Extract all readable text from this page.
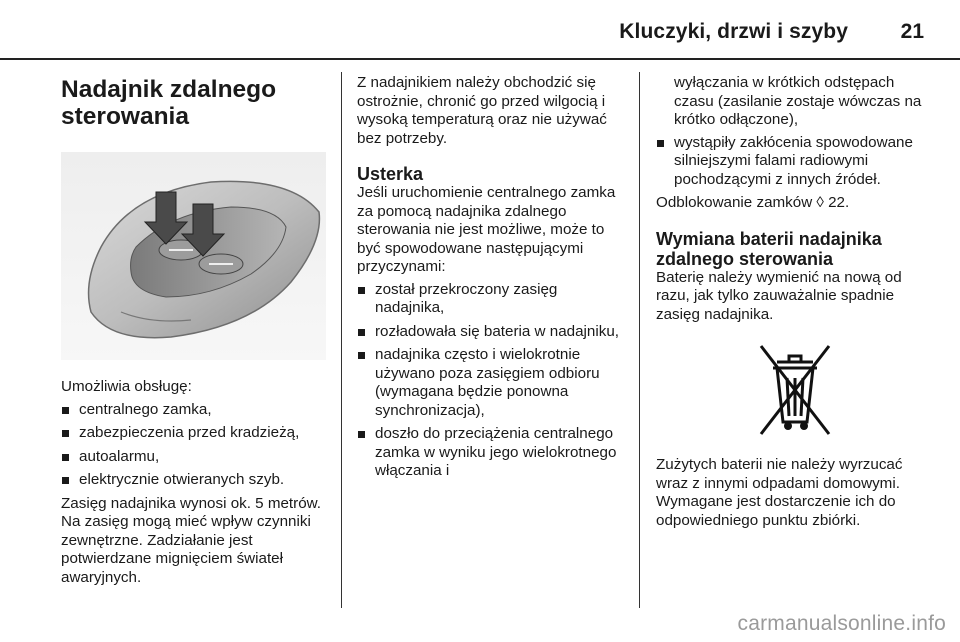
Kluczyki, drzwi i szyby	21
Nadajnik zdalnego sterowania

Umożliwia obsługę:

centralnego zamka,
zabezpieczenia przed kradzieżą,
autoalarmu,
elektrycznie otwieranych szyb.

Zasięg nadajnika wynosi ok. 5 metrów. Na zasięg mogą mieć wpływ czynniki zewnętrzne. Zadziałanie jest potwierdzane mignięciem świateł awaryjnych.

Z nadajnikiem należy obchodzić się ostrożnie, chronić go przed wilgocią i wysoką temperaturą oraz nie używać bez potrzeby.

Usterka

Jeśli uruchomienie centralnego zamka za pomocą nadajnika zdalnego sterowania nie jest możliwe, może to być spowodowane następującymi przyczynami:

został przekroczony zasięg nadajnika,
rozładowała się bateria w nadajniku,
nadajnika często i wielokrotnie używano poza zasięgiem odbioru (wymagana będzie ponowna synchronizacja),
doszło do przeciążenia centralnego zamka w wyniku jego wielokrotnego włączania i

wyłączania w krótkich odstępach czasu (zasilanie zostaje wówczas na krótko odłączone),

wystąpiły zakłócenia spowodowane silniejszymi falami radiowymi pochodzącymi z innych źródeł.

Odblokowanie zamków ◊ 22.

Wymiana baterii nadajnika zdalnego sterowania

Baterię należy wymienić na nową od razu, jak tylko zauważalnie spadnie zasięg nadajnika.

Zużytych baterii nie należy wyrzucać wraz z innymi odpadami domowymi. Wymagane jest dostarczenie ich do odpowiedniego punktu zbiórki.

carmanualsonline.info
